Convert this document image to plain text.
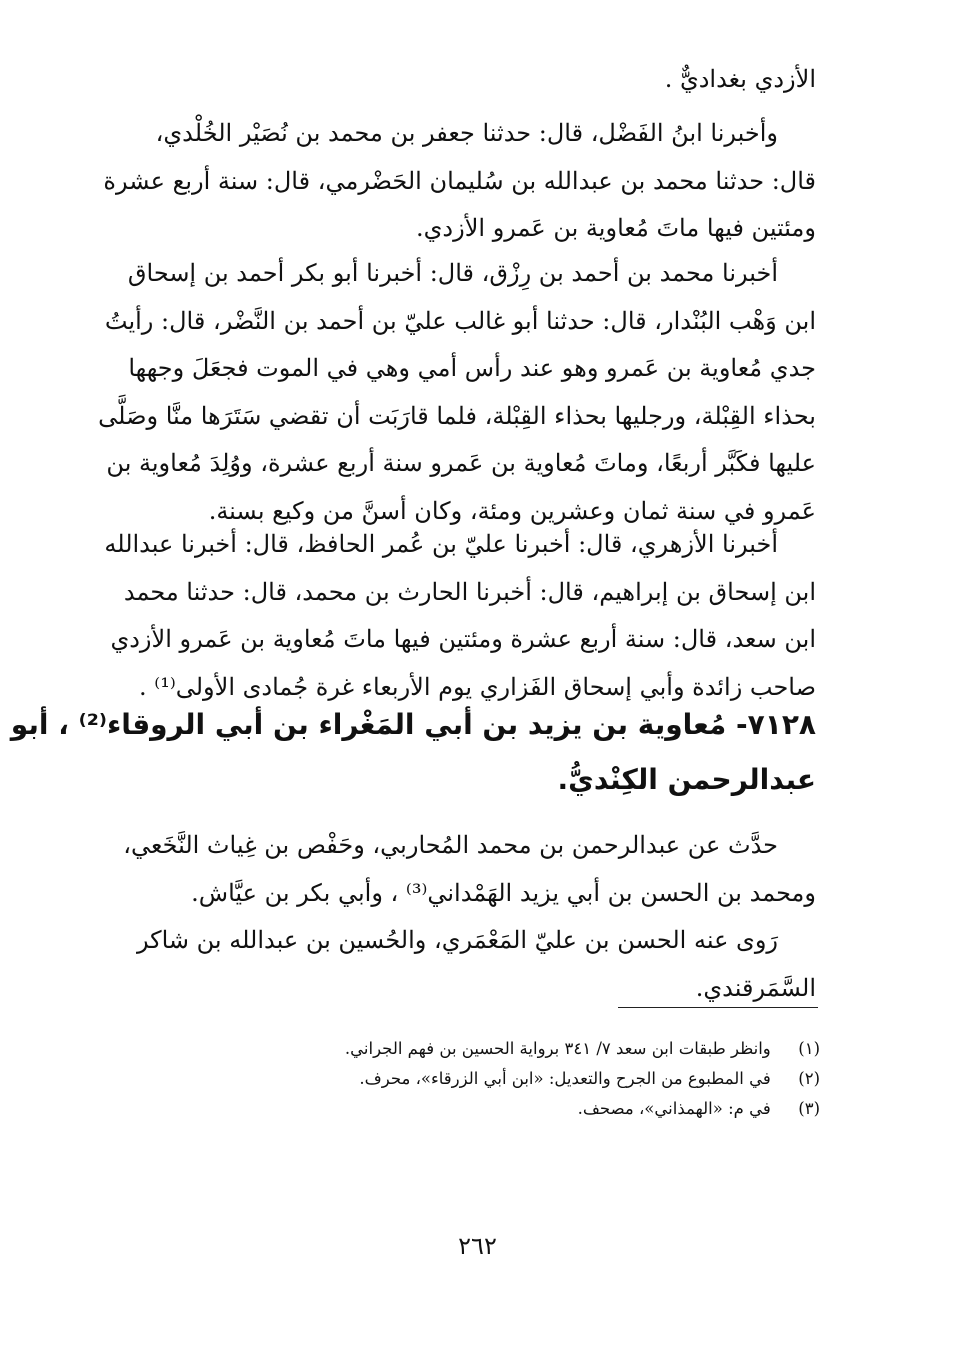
الأزدي بغداديٌّ .
وأخبرنا ابنُ الفَضْل، قال: حدثنا جعفر بن محمد بن نُصَيْر الخُلْدي،
قال: حدثنا محمد بن عبدالله بن سُليمان الحَضْرمي، قال: سنة أربع عشرة
ومئتين فيها ماتَ مُعاوية بن عَمرو الأزدي.
أخبرنا محمد بن أحمد بن رِزْق، قال: أخبرنا أبو بكر أحمد بن إسحاق
ابن وَهْب البُنْدار، قال: حدثنا أبو غالب عليّ بن أحمد بن النَّضْر، قال: رأيتُ
جدي مُعاوية بن عَمرو وهو عند رأس أمي وهي في الموت فجعَلَ وجهها
بحذاء القِبْلة، ورجليها بحذاء القِبْلة، فلما قارَبَت أن تقضي سَتَرَها منَّا وصَلَّى
عليها فكَبَّر أربعًا، وماتَ مُعاوية بن عَمرو سنة أربع عشرة، ووُلِدَ مُعاوية بن
عَمرو في سنة ثمان وعشرين ومئة، وكان أسنَّ من وكيع بسنة.
أخبرنا الأزهري، قال: أخبرنا عليّ بن عُمر الحافظ، قال: أخبرنا عبدالله
ابن إسحاق بن إبراهيم، قال: أخبرنا الحارث بن محمد، قال: حدثنا محمد
ابن سعد، قال: سنة أربع عشرة ومئتين فيها ماتَ مُعاوية بن عَمرو الأزدي
صاحب زائدة وأبي إسحاق الفَزاري يوم الأربعاء غرة جُمادى الأولى⁽¹⁾ .
٧١٢٨- مُعاوية بن يزيد بن أبي المَغْراء بن أبي الروقاء⁽²⁾ ، أبو
عبدالرحمن الكِنْديُّ.
حدَّث عن عبدالرحمن بن محمد المُحاربي، وحَفْص بن غِياث النَّخَعي،
ومحمد بن الحسن بن أبي يزيد الهَمْداني⁽³⁾ ، وأبي بكر بن عيَّاش.
رَوى عنه الحسن بن عليّ المَعْمَري، والحُسين بن عبدالله بن شاكر
السَّمَرقندي.
(١) وانظر طبقات ابن سعد ٧/ ٣٤١ برواية الحسين بن فهم الجراني.
(٢) في المطبوع من الجرح والتعديل: «ابن أبي الزرقاء»، محرف.
(٣) في م: «الهمذاني»، مصحف.
٢٦٢
